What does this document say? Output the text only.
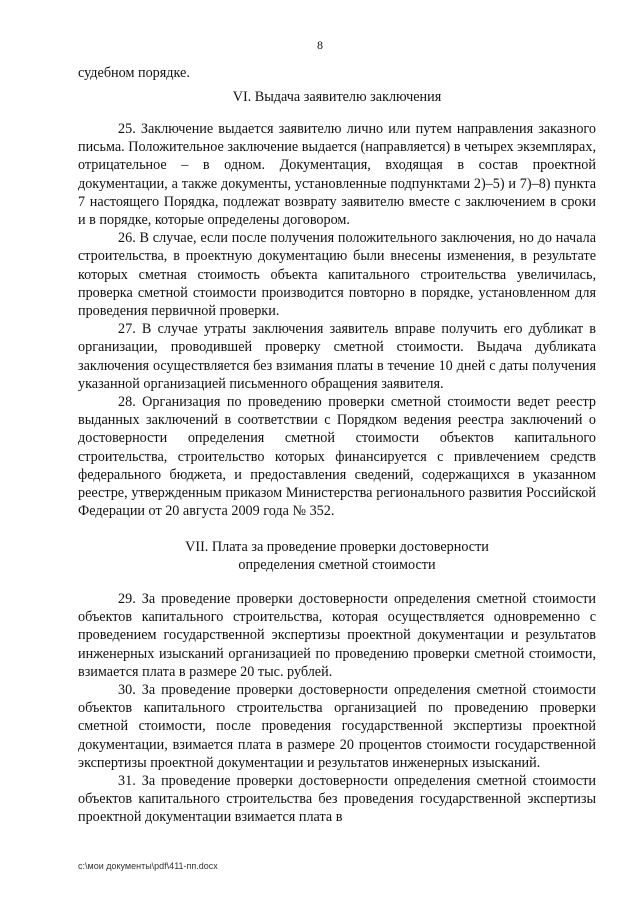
8

судебном порядке.

VI. Выдача заявителю заключения

25. Заключение выдается заявителю лично или путем направления заказного письма. Положительное заключение выдается (направляется) в четырех экземплярах, отрицательное – в одном. Документация, входящая в состав проектной документации, а также документы, установленные подпунктами 2)–5) и 7)–8) пункта 7 настоящего Порядка, подлежат возврату заявителю вместе с заключением в сроки и в порядке, которые определены договором.

26. В случае, если после получения положительного заключения, но до начала строительства, в проектную документацию были внесены изменения, в результате которых сметная стоимость объекта капитального строительства увеличилась, проверка сметной стоимости производится повторно в порядке, установленном для проведения первичной проверки.

27. В случае утраты заключения заявитель вправе получить его дубликат в организации, проводившей проверку сметной стоимости. Выдача дубликата заключения осуществляется без взимания платы в течение 10 дней с даты получения указанной организацией письменного обращения заявителя.

28. Организация по проведению проверки сметной стоимости ведет реестр выданных заключений в соответствии с Порядком ведения реестра заключений о достоверности определения сметной стоимости объектов капитального строительства, строительство которых финансируется с привлечением средств федерального бюджета, и предоставления сведений, содержащихся в указанном реестре, утвержденным приказом Министерства регионального развития Российской Федерации от 20 августа 2009 года № 352.

VII. Плата за проведение проверки достоверности

определения сметной стоимости

29. За проведение проверки достоверности определения сметной стоимости объектов капитального строительства, которая осуществляется одновременно с проведением государственной экспертизы проектной документации и результатов инженерных изысканий организацией по проведению проверки сметной стоимости, взимается плата в размере 20 тыс. рублей.

30. За проведение проверки достоверности определения сметной стоимости объектов капитального строительства организацией по проведению проверки сметной стоимости, после проведения государственной экспертизы проектной документации, взимается плата в размере 20 процентов стоимости государственной экспертизы проектной документации и результатов инженерных изысканий.

31. За проведение проверки достоверности определения сметной стоимости объектов капитального строительства без проведения государственной экспертизы проектной документации взимается плата в

c:\мои документы\pdf\411-пп.docx
